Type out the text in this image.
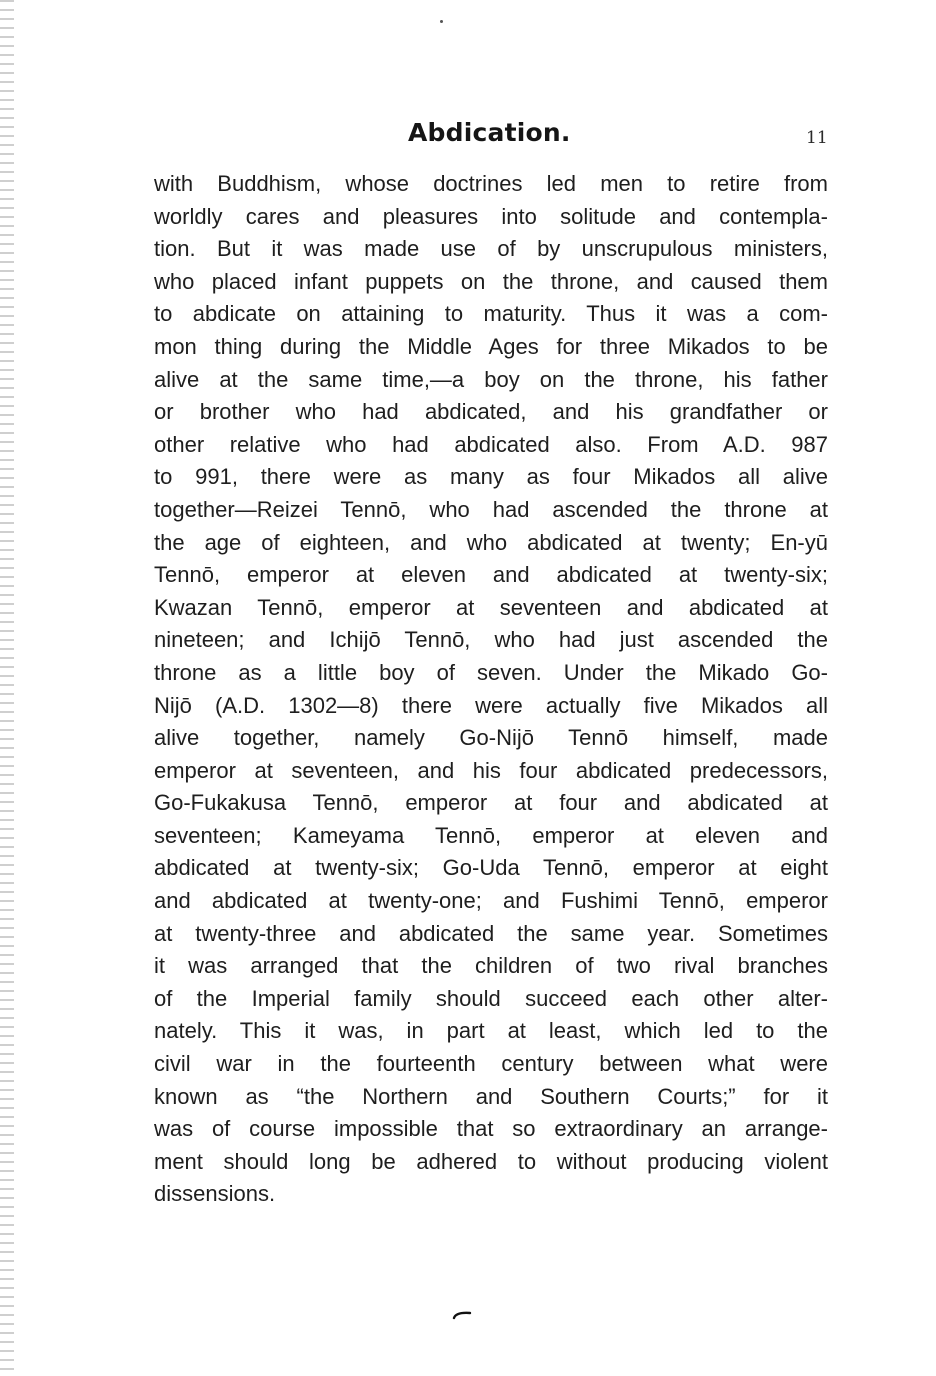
Abdication.	11
with Buddhism, whose doctrines led men to retire from
worldly cares and pleasures into solitude and contempla-
tion. But it was made use of by unscrupulous ministers,
who placed infant puppets on the throne, and caused them
to abdicate on attaining to maturity. Thus it was a com-
mon thing during the Middle Ages for three Mikados to be
alive at the same time,—a boy on the throne, his father
or brother who had abdicated, and his grandfather or
other relative who had abdicated also. From A.D. 987
to 991, there were as many as four Mikados all alive
together—Reizei Tennō, who had ascended the throne at
the age of eighteen, and who abdicated at twenty; En-yū
Tennō, emperor at eleven and abdicated at twenty-six;
Kwazan Tennō, emperor at seventeen and abdicated at
nineteen; and Ichijō Tennō, who had just ascended the
throne as a little boy of seven. Under the Mikado Go-
Nijō (A.D. 1302—8) there were actually five Mikados all
alive together, namely Go-Nijō Tennō himself, made
emperor at seventeen, and his four abdicated predecessors,
Go-Fukakusa Tennō, emperor at four and abdicated at
seventeen; Kameyama Tennō, emperor at eleven and
abdicated at twenty-six; Go-Uda Tennō, emperor at eight
and abdicated at twenty-one; and Fushimi Tennō, emperor
at twenty-three and abdicated the same year. Sometimes
it was arranged that the children of two rival branches
of the Imperial family should succeed each other alter-
nately. This it was, in part at least, which led to the
civil war in the fourteenth century between what were
known as “the Northern and Southern Courts;” for it
was of course impossible that so extraordinary an arrange-
ment should long be adhered to without producing violent
dissensions.
